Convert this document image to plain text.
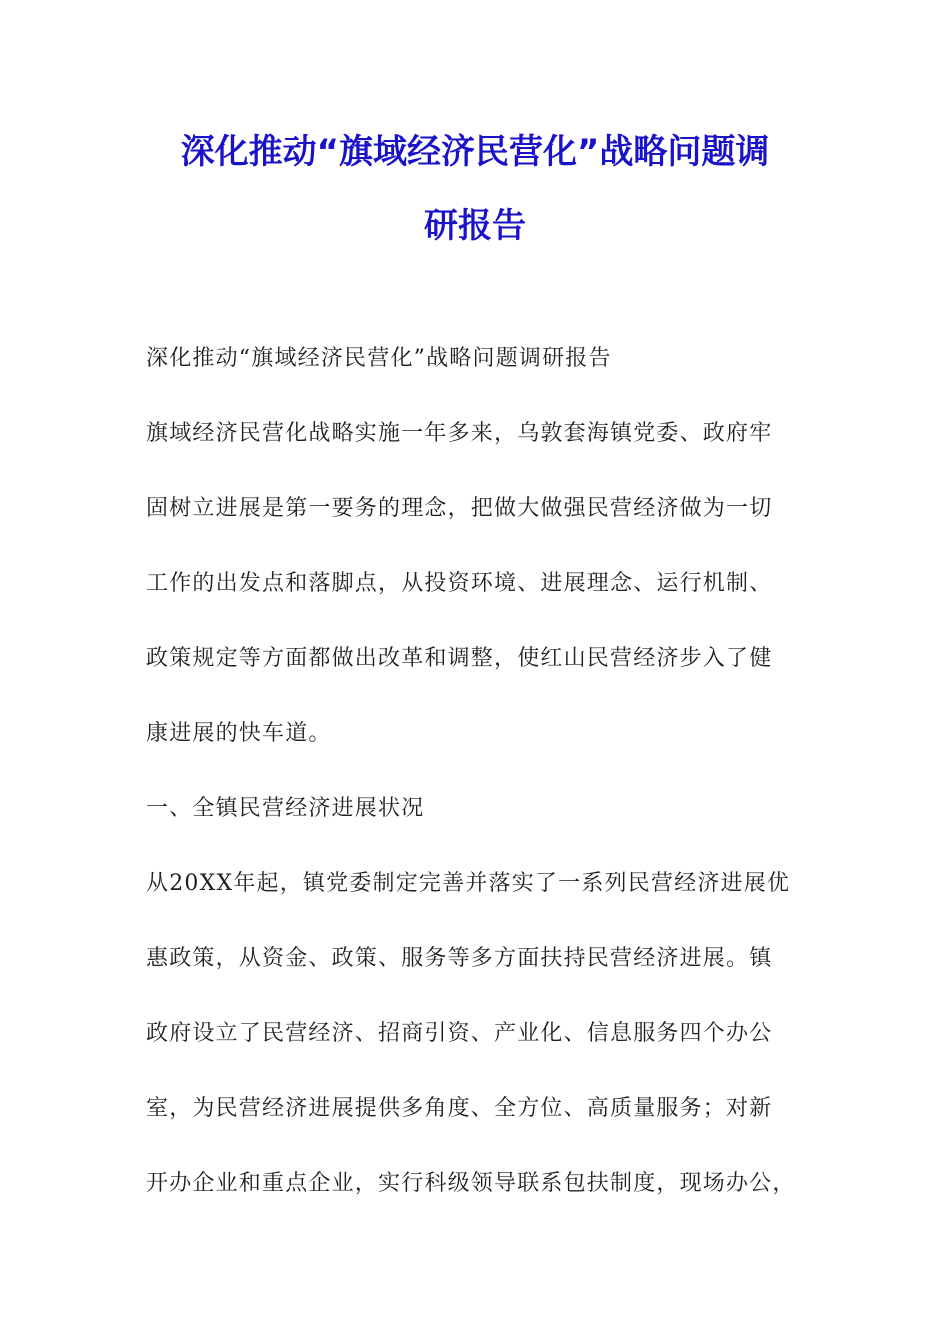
深化推动“旗域经济民营化”战略问题调
研报告
深化推动“旗域经济民营化”战略问题调研报告
旗域经济民营化战略实施一年多来，乌敦套海镇党委、政府牢
固树立进展是第一要务的理念，把做大做强民营经济做为一切
工作的出发点和落脚点，从投资环境、进展理念、运行机制、
政策规定等方面都做出改革和调整，使红山民营经济步入了健
康进展的快车道。
一、全镇民营经济进展状况
从20XX年起，镇党委制定完善并落实了一系列民营经济进展优
惠政策，从资金、政策、服务等多方面扶持民营经济进展。镇
政府设立了民营经济、招商引资、产业化、信息服务四个办公
室，为民营经济进展提供多角度、全方位、高质量服务；对新
开办企业和重点企业，实行科级领导联系包扶制度，现场办公，
